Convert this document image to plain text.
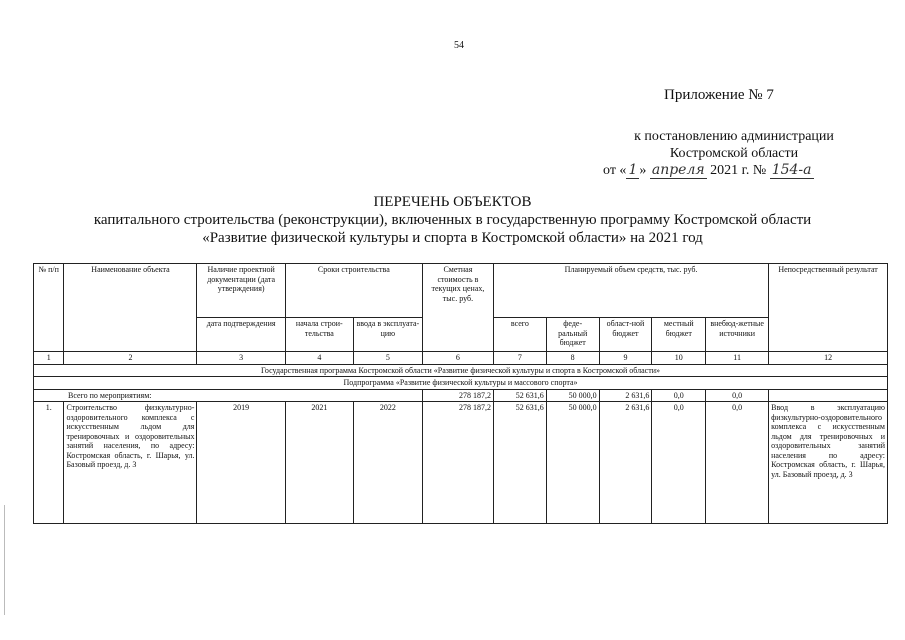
54
Приложение № 7
к постановлению администрации
Костромской области
от « 1 » апреля 2021 г. № 154-а
ПЕРЕЧЕНЬ ОБЪЕКТОВ
капитального строительства (реконструкции), включенных в государственную программу Костромской области
«Развитие физической культуры и спорта в Костромской области» на 2021 год
№ п/п	Наименование объекта	Наличие проектной документации (дата утверждения)	Сроки строительства		Сметная стоимость в текущих ценах, тыс. руб.	Планируемый объем средств, тыс. руб.					Непосредственный результат
		дата подтверждения	начала строи-тельства	ввода в эксплуата-цию		всего	феде-ральный бюджет	област-ной бюджет	местный бюджет	внебюд-жетные источники	
1	2	3	4	5	6	7	8	9	10	11	12
Государственная программа Костромской области «Развитие физической культуры и спорта в Костромской области»											
Подпрограмма «Развитие физической культуры и массового спорта»											
Всего по мероприятиям:					278 187,2	52 631,6	50 000,0	2 631,6	0,0	0,0	
1.	Строительство физкультурно-оздоровительного комплекса с искусственным льдом для тренировочных и оздоровительных занятий населения, по адресу: Костромская область, г. Шарья, ул. Базовый проезд, д. 3	2019	2021	2022	278 187,2	52 631,6	50 000,0	2 631,6	0,0	0,0	Ввод в эксплуатацию физкультурно-оздоровительного комплекса с искусственным льдом для тренировочных и оздоровительных занятий населения по адресу: Костромская область, г. Шарья, ул. Базовый проезд, д. 3
